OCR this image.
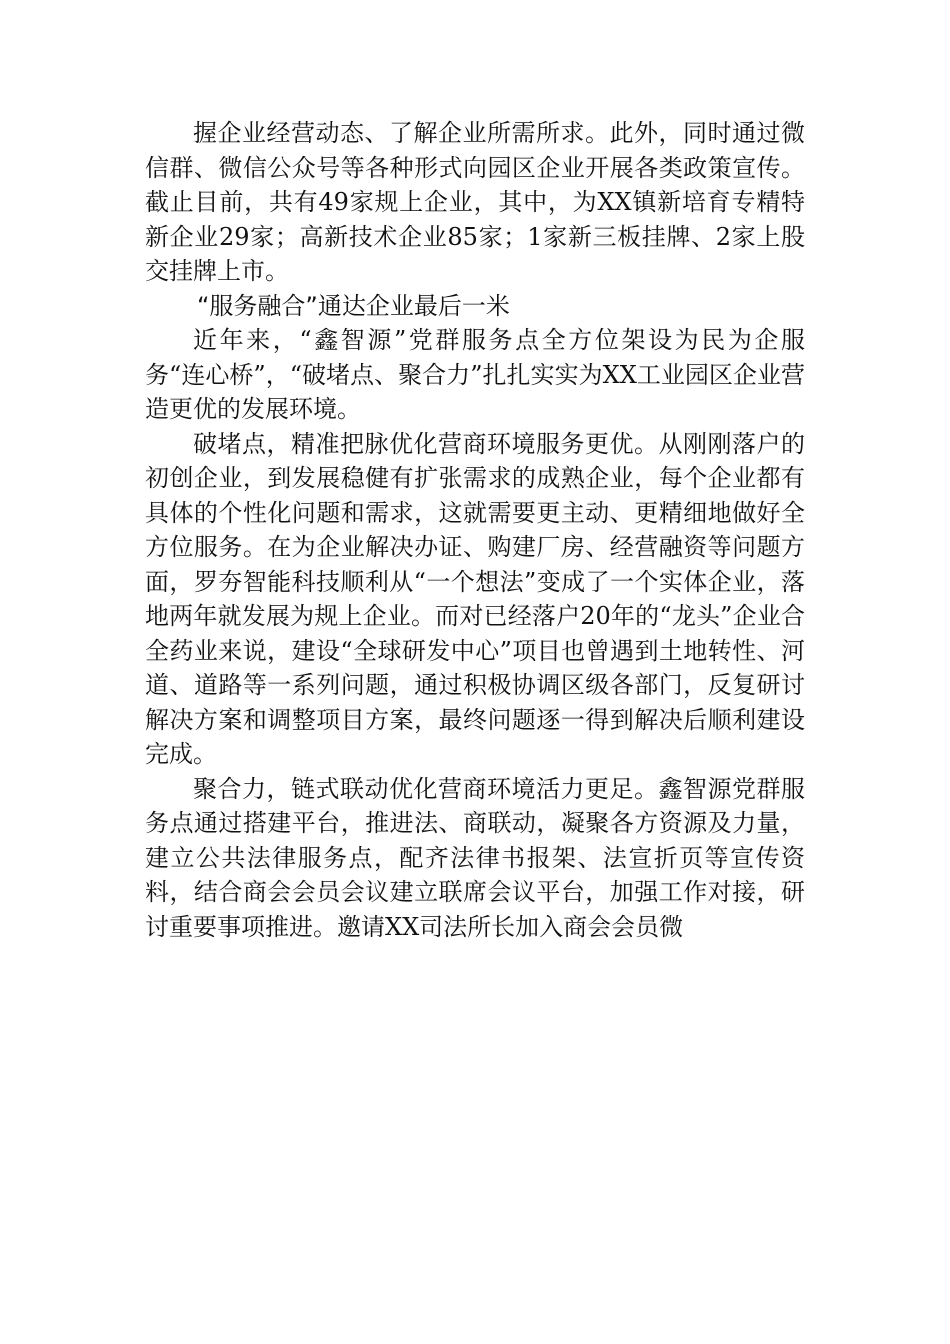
握企业经营动态、了解企业所需所求。此外，同时通过微信群、微信公众号等各种形式向园区企业开展各类政策宣传。截止目前，共有49家规上企业，其中，为XX镇新培育专精特新企业29家；高新技术企业85家；1家新三板挂牌、2家上股交挂牌上市。

“服务融合”通达企业最后一米

近年来，“鑫智源”党群服务点全方位架设为民为企服务“连心桥”，“破堵点、聚合力”扎扎实实为XX工业园区企业营造更优的发展环境。

破堵点，精准把脉优化营商环境服务更优。从刚刚落户的初创企业，到发展稳健有扩张需求的成熟企业，每个企业都有具体的个性化问题和需求，这就需要更主动、更精细地做好全方位服务。在为企业解决办证、购建厂房、经营融资等问题方面，罗夯智能科技顺利从“一个想法”变成了一个实体企业，落地两年就发展为规上企业。而对已经落户20年的“龙头”企业合全药业来说，建设“全球研发中心”项目也曾遇到土地转性、河道、道路等一系列问题，通过积极协调区级各部门，反复研讨解决方案和调整项目方案，最终问题逐一得到解决后顺利建设完成。

聚合力，链式联动优化营商环境活力更足。鑫智源党群服务点通过搭建平台，推进法、商联动，凝聚各方资源及力量，建立公共法律服务点，配齐法律书报架、法宣折页等宣传资料，结合商会会员会议建立联席会议平台，加强工作对接，研讨重要事项推进。邀请XX司法所长加入商会会员微
